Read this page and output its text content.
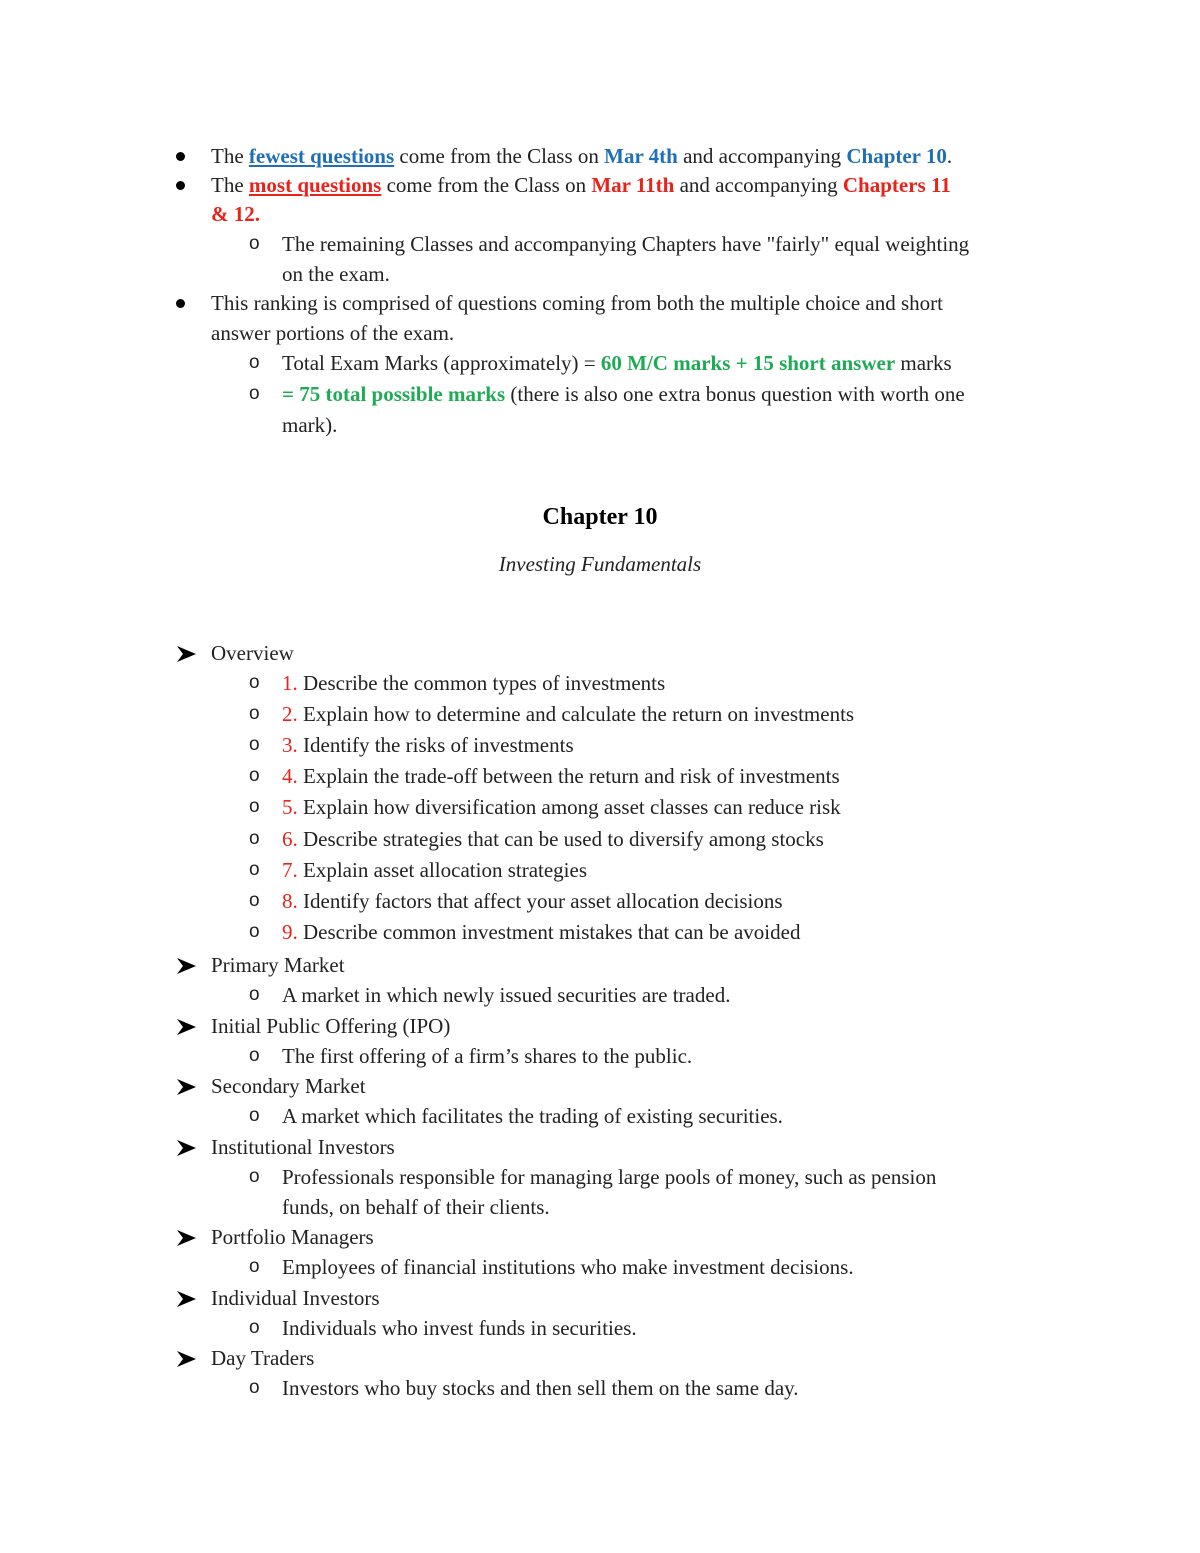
The fewest questions come from the Class on Mar 4th and accompanying Chapter 10.
The most questions come from the Class on Mar 11th and accompanying Chapters 11
& 12.
o The remaining Classes and accompanying Chapters have "fairly" equal weighting
on the exam.
This ranking is comprised of questions coming from both the multiple choice and short
answer portions of the exam.
o Total Exam Marks (approximately) = 60 M/C marks + 15 short answer marks
o = 75 total possible marks (there is also one extra bonus question with worth one
mark).
Chapter 10
Investing Fundamentals
Overview
o 1. Describe the common types of investments
o 2. Explain how to determine and calculate the return on investments
o 3. Identify the risks of investments
o 4. Explain the trade-off between the return and risk of investments
o 5. Explain how diversification among asset classes can reduce risk
o 6. Describe strategies that can be used to diversify among stocks
o 7. Explain asset allocation strategies
o 8. Identify factors that affect your asset allocation decisions
o 9. Describe common investment mistakes that can be avoided
Primary Market
o A market in which newly issued securities are traded.
Initial Public Offering (IPO)
o The first offering of a firm’s shares to the public.
Secondary Market
o A market which facilitates the trading of existing securities.
Institutional Investors
o Professionals responsible for managing large pools of money, such as pension
funds, on behalf of their clients.
Portfolio Managers
o Employees of financial institutions who make investment decisions.
Individual Investors
o Individuals who invest funds in securities.
Day Traders
o Investors who buy stocks and then sell them on the same day.
